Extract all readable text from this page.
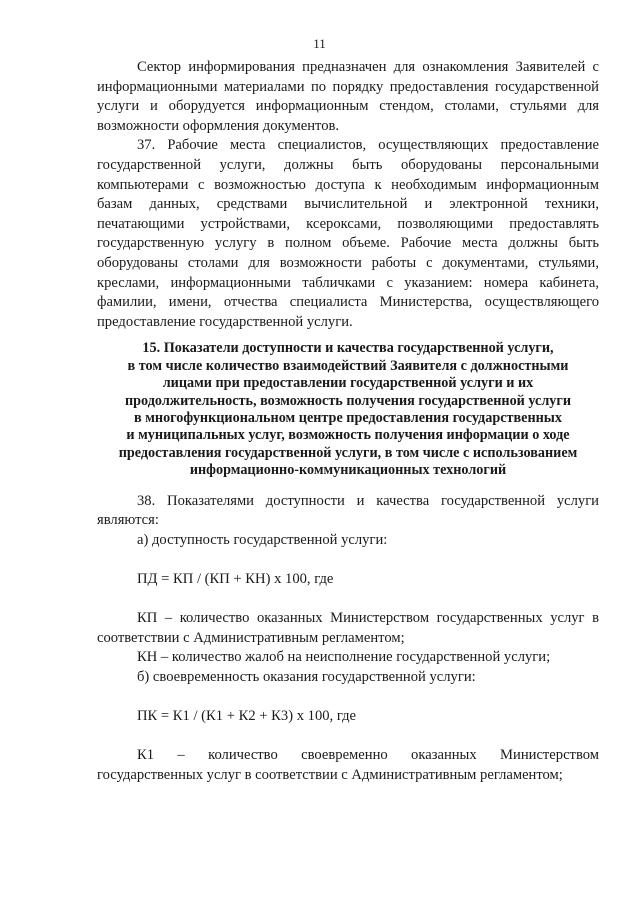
11

Сектор информирования предназначен для ознакомления Заявителей с информационными материалами по порядку предоставления государственной услуги и оборудуется информационным стендом, столами, стульями для возможности оформления документов.

37. Рабочие места специалистов, осуществляющих предоставление государственной услуги, должны быть оборудованы персональными компьютерами с возможностью доступа к необходимым информационным базам данных, средствами вычислительной и электронной техники, печатающими устройствами, ксероксами, позволяющими предоставлять государственную услугу в полном объеме. Рабочие места должны быть оборудованы столами для возможности работы с документами, стульями, креслами, информационными табличками с указанием: номера кабинета, фамилии, имени, отчества специалиста Министерства, осуществляющего предоставление государственной услуги.

15. Показатели доступности и качества государственной услуги,
в том числе количество взаимодействий Заявителя с должностными
лицами при предоставлении государственной услуги и их
продолжительность, возможность получения государственной услуги
в многофункциональном центре предоставления государственных
и муниципальных услуг, возможность получения информации о ходе
предоставления государственной услуги, в том числе с использованием
информационно-коммуникационных технологий

38. Показателями доступности и качества государственной услуги являются:

а) доступность государственной услуги:

ПД = КП / (КП + КН) х 100, где

КП – количество оказанных Министерством государственных услуг в соответствии с Административным регламентом;

КН – количество жалоб на неисполнение государственной услуги;

б) своевременность оказания государственной услуги:

ПК = К1 / (К1 + К2 + К3) х 100, где

К1 – количество своевременно оказанных Министерством

государственных услуг в соответствии с Административным регламентом;
